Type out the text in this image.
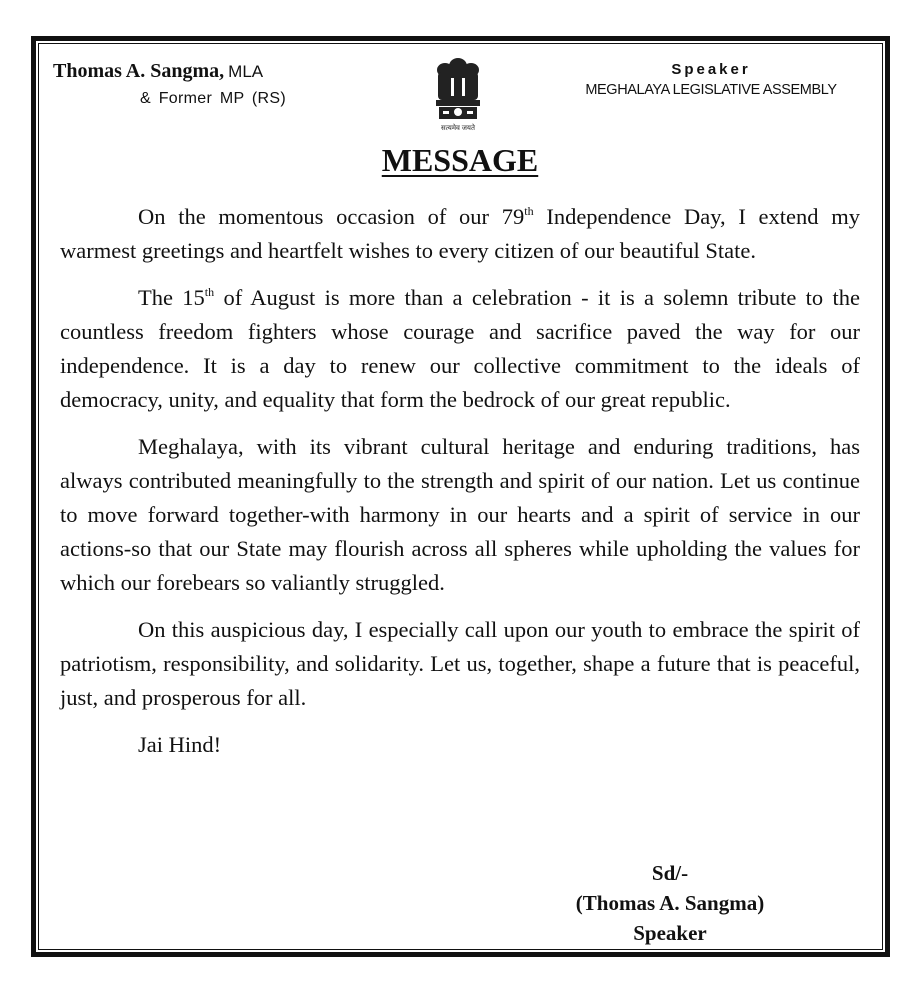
Thomas A. Sangma, MLA
& Former MP (RS)
सत्यमेव जयते
Speaker
MEGHALAYA LEGISLATIVE ASSEMBLY
MESSAGE

On the momentous occasion of our 79th Independence Day, I extend my warmest greetings and heartfelt wishes to every citizen of our beautiful State.

The 15th of August is more than a celebration - it is a solemn tribute to the countless freedom fighters whose courage and sacrifice paved the way for our independence. It is a day to renew our collective commitment to the ideals of democracy, unity, and equality that form the bedrock of our great republic.

Meghalaya, with its vibrant cultural heritage and enduring traditions, has always contributed meaningfully to the strength and spirit of our nation. Let us continue to move forward together-with harmony in our hearts and a spirit of service in our actions-so that our State may flourish across all spheres while upholding the values for which our forebears so valiantly struggled.

On this auspicious day, I especially call upon our youth to embrace the spirit of patriotism, responsibility, and solidarity. Let us, together, shape a future that is peaceful, just, and prosperous for all.

Jai Hind!

Sd/-
(Thomas A. Sangma)
Speaker
